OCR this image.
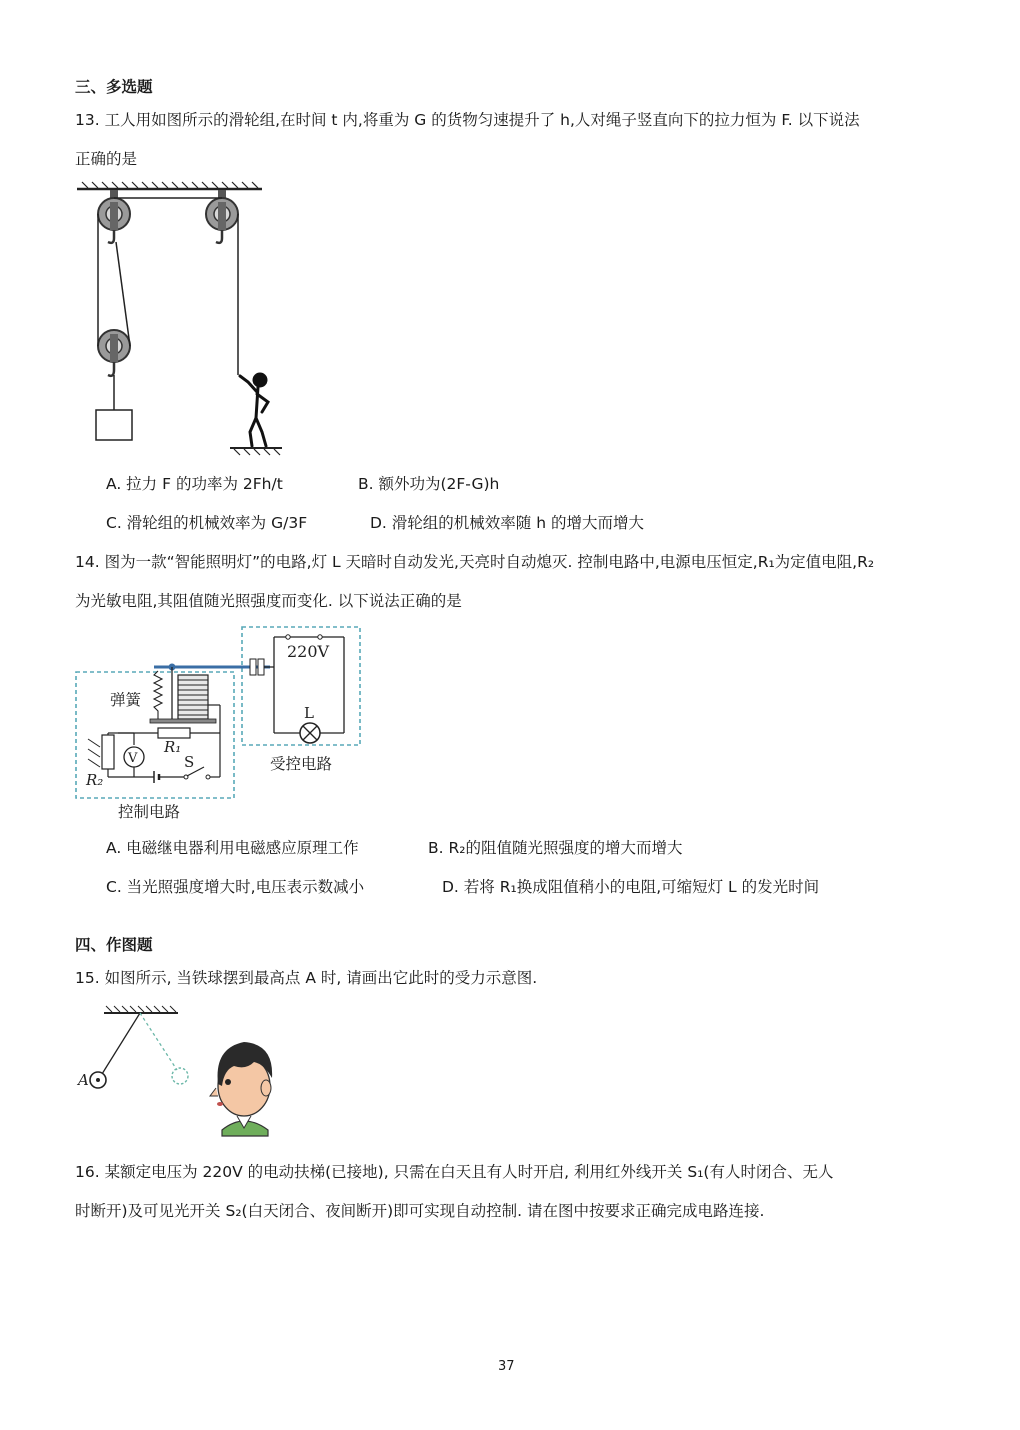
三、多选题
13. 工人用如图所示的滑轮组,在时间 t 内,将重为 G 的货物匀速提升了 h,人对绳子竖直向下的拉力恒为 F. 以下说法
正确的是
A. 拉力 F 的功率为 2Fh/t	B. 额外功为(2F-G)h
C. 滑轮组的机械效率为 G/3F	D. 滑轮组的机械效率随 h 的增大而增大
14. 图为一款“智能照明灯”的电路,灯 L 天暗时自动发光,天亮时自动熄灭. 控制电路中,电源电压恒定,R₁为定值电阻,R₂
为光敏电阻,其阻值随光照强度而变化. 以下说法正确的是
220V
L
受控电路
弹簧
R₁
R₂
V	S
控制电路
A. 电磁继电器利用电磁感应原理工作	B. R₂的阻值随光照强度的增大而增大
C. 当光照强度增大时,电压表示数减小	D. 若将 R₁换成阻值稍小的电阻,可缩短灯 L 的发光时间
四、作图题
15. 如图所示, 当铁球摆到最高点 A 时, 请画出它此时的受力示意图.
A
16. 某额定电压为 220V 的电动扶梯(已接地), 只需在白天且有人时开启, 利用红外线开关 S₁(有人时闭合、无人
时断开)及可见光开关 S₂(白天闭合、夜间断开)即可实现自动控制. 请在图中按要求正确完成电路连接.
37
